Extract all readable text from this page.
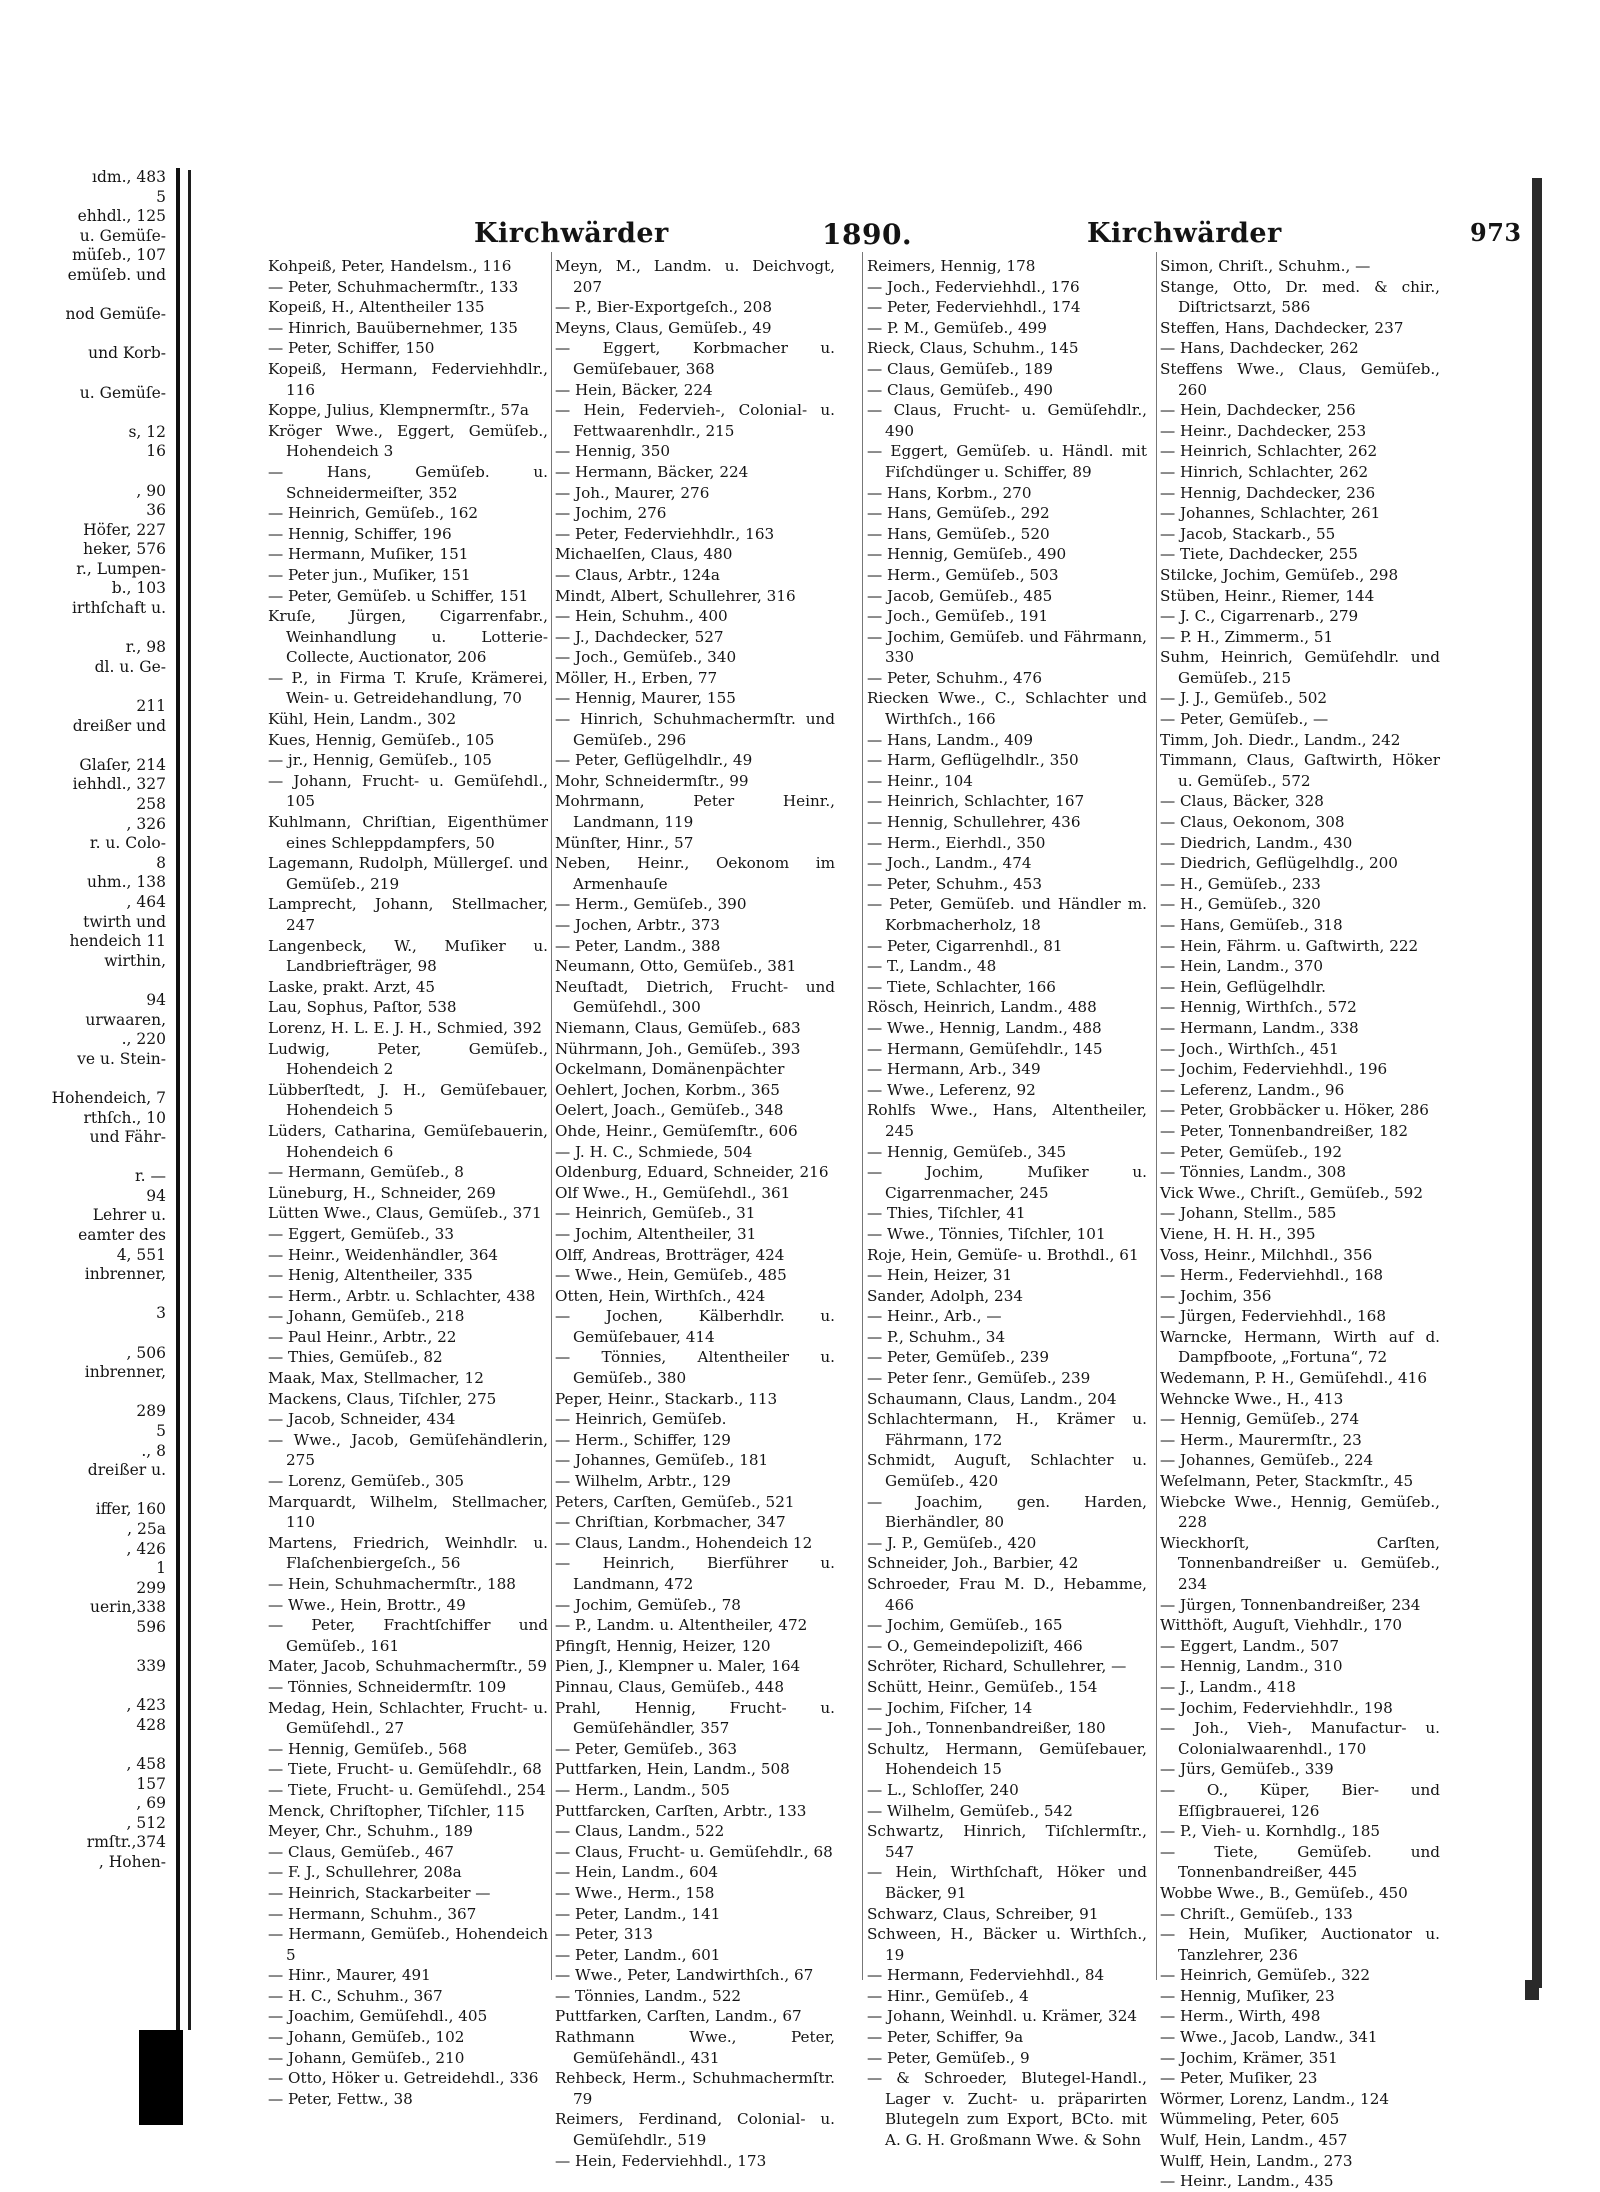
ıdm., 483
5
ehhdl., 125
u. Gemüſe-
müſeb., 107
emüſeb. und

nod Gemüſe-

und Korb-

u. Gemüſe-

s, 12
16

, 90
36
Höfer, 227
heker, 576
r., Lumpen-
b., 103
irthſchaft u.

r., 98
dl. u. Ge-

211
dreißer und

Glaſer, 214
iehhdl., 327
258
, 326
r. u. Colo-
8
uhm., 138
, 464
twirth und
hendeich 11
wirthin,

94
urwaaren,
., 220
ve u. Stein-

Hohendeich, 7
rthſch., 10
und Fähr-

r. —
94
Lehrer u.
eamter des
4, 551
inbrenner,

3

, 506
inbrenner,

289
5
., 8
dreißer u.

iffer, 160
, 25a
, 426
1
299
uerin,338
596

339

, 423
428

, 458
157
, 69
, 512
rmſtr.,374
, Hohen-
Kirchwärder	1890.	Kirchwärder	973
Kohpeiß, Peter, Handelsm., 116
— Peter, Schuhmachermſtr., 133
Kopeiß, H., Altentheiler 135
— Hinrich, Bauübernehmer, 135
— Peter, Schiffer, 150
Kopeiß, Hermann, Federviehhdlr., 116
Koppe, Julius, Klempnermſtr., 57a
Kröger Wwe., Eggert, Gemüſeb., Hohendeich 3
— Hans, Gemüſeb. u. Schneidermeiſter, 352
— Heinrich, Gemüſeb., 162
— Hennig, Schiffer, 196
— Hermann, Muſiker, 151
— Peter jun., Muſiker, 151
— Peter, Gemüſeb. u Schiffer, 151
Kruſe, Jürgen, Cigarrenfabr., Weinhandlung u. Lotterie-Collecte, Auctionator, 206
— P., in Firma T. Kruſe, Krämerei, Wein- u. Getreidehandlung, 70
Kühl, Hein, Landm., 302
Kues, Hennig, Gemüſeb., 105
— jr., Hennig, Gemüſeb., 105
— Johann, Frucht- u. Gemüſehdl., 105
Kuhlmann, Chriſtian, Eigenthümer eines Schleppdampfers, 50
Lagemann, Rudolph, Müllergeſ. und Gemüſeb., 219
Lamprecht, Johann, Stellmacher, 247
Langenbeck, W., Muſiker u. Landbriefträger, 98
Laske, prakt. Arzt, 45
Lau, Sophus, Paſtor, 538
Lorenz, H. L. E. J. H., Schmied, 392
Ludwig, Peter, Gemüſeb., Hohendeich 2
Lübberſtedt, J. H., Gemüſebauer, Hohendeich 5
Lüders, Catharina, Gemüſebauerin, Hohendeich 6
— Hermann, Gemüſeb., 8
Lüneburg, H., Schneider, 269
Lütten Wwe., Claus, Gemüſeb., 371
— Eggert, Gemüſeb., 33
— Heinr., Weidenhändler, 364
— Henig, Altentheiler, 335
— Herm., Arbtr. u. Schlachter, 438
— Johann, Gemüſeb., 218
— Paul Heinr., Arbtr., 22
— Thies, Gemüſeb., 82
Maak, Max, Stellmacher, 12
Mackens, Claus, Tiſchler, 275
— Jacob, Schneider, 434
— Wwe., Jacob, Gemüſehändlerin, 275
— Lorenz, Gemüſeb., 305
Marquardt, Wilhelm, Stellmacher, 110
Martens, Friedrich, Weinhdlr. u. Flaſchenbiergeſch., 56
— Hein, Schuhmachermſtr., 188
— Wwe., Hein, Brottr., 49
— Peter, Frachtſchiffer und Gemüſeb., 161
Mater, Jacob, Schuhmachermſtr., 59
— Tönnies, Schneidermſtr. 109
Medag, Hein, Schlachter, Frucht- u. Gemüſehdl., 27
— Hennig, Gemüſeb., 568
— Tiete, Frucht- u. Gemüſehdlr., 68
— Tiete, Frucht- u. Gemüſehdl., 254
Menck, Chriſtopher, Tiſchler, 115
Meyer, Chr., Schuhm., 189
— Claus, Gemüſeb., 467
— F. J., Schullehrer, 208a
— Heinrich, Stackarbeiter —
— Hermann, Schuhm., 367
— Hermann, Gemüſeb., Hohendeich 5
— Hinr., Maurer, 491
— H. C., Schuhm., 367
— Joachim, Gemüſehdl., 405
— Johann, Gemüſeb., 102
— Johann, Gemüſeb., 210
— Otto, Höker u. Getreidehdl., 336
— Peter, Fettw., 38
Meyn, M., Landm. u. Deichvogt, 207
— P., Bier-Exportgeſch., 208
Meyns, Claus, Gemüſeb., 49
— Eggert, Korbmacher u. Gemüſebauer, 368
— Hein, Bäcker, 224
— Hein, Federvieh-, Colonial- u. Fettwaarenhdlr., 215
— Hennig, 350
— Hermann, Bäcker, 224
— Joh., Maurer, 276
— Jochim, 276
— Peter, Federviehhdlr., 163
Michaelſen, Claus, 480
— Claus, Arbtr., 124a
Mindt, Albert, Schullehrer, 316
— Hein, Schuhm., 400
— J., Dachdecker, 527
— Joch., Gemüſeb., 340
Möller, H., Erben, 77
— Hennig, Maurer, 155
— Hinrich, Schuhmachermſtr. und Gemüſeb., 296
— Peter, Geflügelhdlr., 49
Mohr, Schneidermſtr., 99
Mohrmann, Peter Heinr., Landmann, 119
Münſter, Hinr., 57
Neben, Heinr., Oekonom im Armenhauſe
— Herm., Gemüſeb., 390
— Jochen, Arbtr., 373
— Peter, Landm., 388
Neumann, Otto, Gemüſeb., 381
Neuſtadt, Dietrich, Frucht- und Gemüſehdl., 300
Niemann, Claus, Gemüſeb., 683
Nührmann, Joh., Gemüſeb., 393
Ockelmann, Domänenpächter
Oehlert, Jochen, Korbm., 365
Oelert, Joach., Gemüſeb., 348
Ohde, Heinr., Gemüſemſtr., 606
— J. H. C., Schmiede, 504
Oldenburg, Eduard, Schneider, 216
Olf Wwe., H., Gemüſehdl., 361
— Heinrich, Gemüſeb., 31
— Jochim, Altentheiler, 31
Olff, Andreas, Brotträger, 424
— Wwe., Hein, Gemüſeb., 485
Otten, Hein, Wirthſch., 424
— Jochen, Kälberhdlr. u. Gemüſebauer, 414
— Tönnies, Altentheiler u. Gemüſeb., 380
Peper, Heinr., Stackarb., 113
— Heinrich, Gemüſeb.
— Herm., Schiffer, 129
— Johannes, Gemüſeb., 181
— Wilhelm, Arbtr., 129
Peters, Carſten, Gemüſeb., 521
— Chriſtian, Korbmacher, 347
— Claus, Landm., Hohendeich 12
— Heinrich, Bierführer u. Landmann, 472
— Jochim, Gemüſeb., 78
— P., Landm. u. Altentheiler, 472
Pfingſt, Hennig, Heizer, 120
Pien, J., Klempner u. Maler, 164
Pinnau, Claus, Gemüſeb., 448
Prahl, Hennig, Frucht- u. Gemüſehändler, 357
— Peter, Gemüſeb., 363
Puttfarken, Hein, Landm., 508
— Herm., Landm., 505
Puttfarcken, Carſten, Arbtr., 133
— Claus, Landm., 522
— Claus, Frucht- u. Gemüſehdlr., 68
— Hein, Landm., 604
— Wwe., Herm., 158
— Peter, Landm., 141
— Peter, 313
— Peter, Landm., 601
— Wwe., Peter, Landwirthſch., 67
— Tönnies, Landm., 522
Puttfarken, Carſten, Landm., 67
Rathmann Wwe., Peter, Gemüſehändl., 431
Rehbeck, Herm., Schuhmachermſtr. 79
Reimers, Ferdinand, Colonial- u. Gemüſehdlr., 519
— Hein, Federviehhdl., 173
Reimers, Hennig, 178
— Joch., Federviehhdl., 176
— Peter, Federviehhdl., 174
— P. M., Gemüſeb., 499
Rieck, Claus, Schuhm., 145
— Claus, Gemüſeb., 189
— Claus, Gemüſeb., 490
— Claus, Frucht- u. Gemüſehdlr., 490
— Eggert, Gemüſeb. u. Händl. mit Fiſchdünger u. Schiffer, 89
— Hans, Korbm., 270
— Hans, Gemüſeb., 292
— Hans, Gemüſeb., 520
— Hennig, Gemüſeb., 490
— Herm., Gemüſeb., 503
— Jacob, Gemüſeb., 485
— Joch., Gemüſeb., 191
— Jochim, Gemüſeb. und Fährmann, 330
— Peter, Schuhm., 476
Riecken Wwe., C., Schlachter und Wirthſch., 166
— Hans, Landm., 409
— Harm, Geflügelhdlr., 350
— Heinr., 104
— Heinrich, Schlachter, 167
— Hennig, Schullehrer, 436
— Herm., Eierhdl., 350
— Joch., Landm., 474
— Peter, Schuhm., 453
— Peter, Gemüſeb. und Händler m. Korbmacherholz, 18
— Peter, Cigarrenhdl., 81
— T., Landm., 48
— Tiete, Schlachter, 166
Rösch, Heinrich, Landm., 488
— Wwe., Hennig, Landm., 488
— Hermann, Gemüſehdlr., 145
— Hermann, Arb., 349
— Wwe., Leferenz, 92
Rohlfs Wwe., Hans, Altentheiler, 245
— Hennig, Gemüſeb., 345
— Jochim, Muſiker u. Cigarrenmacher, 245
— Thies, Tiſchler, 41
— Wwe., Tönnies, Tiſchler, 101
Roje, Hein, Gemüſe- u. Brothdl., 61
— Hein, Heizer, 31
Sander, Adolph, 234
— Heinr., Arb., —
— P., Schuhm., 34
— Peter, Gemüſeb., 239
— Peter ſenr., Gemüſeb., 239
Schaumann, Claus, Landm., 204
Schlachtermann, H., Krämer u. Fährmann, 172
Schmidt, Auguſt, Schlachter u. Gemüſeb., 420
— Joachim, gen. Harden, Bierhändler, 80
— J. P., Gemüſeb., 420
Schneider, Joh., Barbier, 42
Schroeder, Frau M. D., Hebamme, 466
— Jochim, Gemüſeb., 165
— O., Gemeindepoliziſt, 466
Schröter, Richard, Schullehrer, —
Schütt, Heinr., Gemüſeb., 154
— Jochim, Fiſcher, 14
— Joh., Tonnenbandreißer, 180
Schultz, Hermann, Gemüſebauer, Hohendeich 15
— L., Schloſſer, 240
— Wilhelm, Gemüſeb., 542
Schwartz, Hinrich, Tiſchlermſtr., 547
— Hein, Wirthſchaft, Höker und Bäcker, 91
Schwarz, Claus, Schreiber, 91
Schween, H., Bäcker u. Wirthſch., 19
— Hermann, Federviehhdl., 84
— Hinr., Gemüſeb., 4
— Johann, Weinhdl. u. Krämer, 324
— Peter, Schiffer, 9a
— Peter, Gemüſeb., 9
— & Schroeder, Blutegel-Handl., Lager v. Zucht- u. präparirten Blutegeln zum Export, BCto. mit A. G. H. Großmann Wwe. & Sohn
Simon, Chriſt., Schuhm., —
Stange, Otto, Dr. med. & chir., Diſtrictsarzt, 586
Steffen, Hans, Dachdecker, 237
— Hans, Dachdecker, 262
Steffens Wwe., Claus, Gemüſeb., 260
— Hein, Dachdecker, 256
— Heinr., Dachdecker, 253
— Heinrich, Schlachter, 262
— Hinrich, Schlachter, 262
— Hennig, Dachdecker, 236
— Johannes, Schlachter, 261
— Jacob, Stackarb., 55
— Tiete, Dachdecker, 255
Stilcke, Jochim, Gemüſeb., 298
Stüben, Heinr., Riemer, 144
— J. C., Cigarrenarb., 279
— P. H., Zimmerm., 51
Suhm, Heinrich, Gemüſehdlr. und Gemüſeb., 215
— J. J., Gemüſeb., 502
— Peter, Gemüſeb., —
Timm, Joh. Diedr., Landm., 242
Timmann, Claus, Gaſtwirth, Höker u. Gemüſeb., 572
— Claus, Bäcker, 328
— Claus, Oekonom, 308
— Diedrich, Landm., 430
— Diedrich, Geflügelhdlg., 200
— H., Gemüſeb., 233
— H., Gemüſeb., 320
— Hans, Gemüſeb., 318
— Hein, Fährm. u. Gaſtwirth, 222
— Hein, Landm., 370
— Hein, Geflügelhdlr.
— Hennig, Wirthſch., 572
— Hermann, Landm., 338
— Joch., Wirthſch., 451
— Jochim, Federviehhdl., 196
— Leferenz, Landm., 96
— Peter, Grobbäcker u. Höker, 286
— Peter, Tonnenbandreißer, 182
— Peter, Gemüſeb., 192
— Tönnies, Landm., 308
Vick Wwe., Chriſt., Gemüſeb., 592
— Johann, Stellm., 585
Viene, H. H. H., 395
Voss, Heinr., Milchhdl., 356
— Herm., Federviehhdl., 168
— Jochim, 356
— Jürgen, Federviehhdl., 168
Warncke, Hermann, Wirth auf d. Dampfboote, „Fortuna“, 72
Wedemann, P. H., Gemüſehdl., 416
Wehncke Wwe., H., 413
— Hennig, Gemüſeb., 274
— Herm., Maurermſtr., 23
— Johannes, Gemüſeb., 224
Weſelmann, Peter, Stackmſtr., 45
Wiebcke Wwe., Hennig, Gemüſeb., 228
Wieckhorſt, Carſten, Tonnenbandreißer u. Gemüſeb., 234
— Jürgen, Tonnenbandreißer, 234
Witthöft, Auguſt, Viehhdlr., 170
— Eggert, Landm., 507
— Hennig, Landm., 310
— J., Landm., 418
— Jochim, Federviehhdlr., 198
— Joh., Vieh-, Manufactur- u. Colonialwaarenhdl., 170
— Jürs, Gemüſeb., 339
— O., Küper, Bier- und Eſſigbrauerei, 126
— P., Vieh- u. Kornhdlg., 185
— Tiete, Gemüſeb. und Tonnenbandreißer, 445
Wobbe Wwe., B., Gemüſeb., 450
— Chriſt., Gemüſeb., 133
— Hein, Muſiker, Auctionator u. Tanzlehrer, 236
— Heinrich, Gemüſeb., 322
— Hennig, Muſiker, 23
— Herm., Wirth, 498
— Wwe., Jacob, Landw., 341
— Jochim, Krämer, 351
— Peter, Muſiker, 23
Wörmer, Lorenz, Landm., 124
Wümmeling, Peter, 605
Wulf, Hein, Landm., 457
Wulff, Hein, Landm., 273
— Heinr., Landm., 435
